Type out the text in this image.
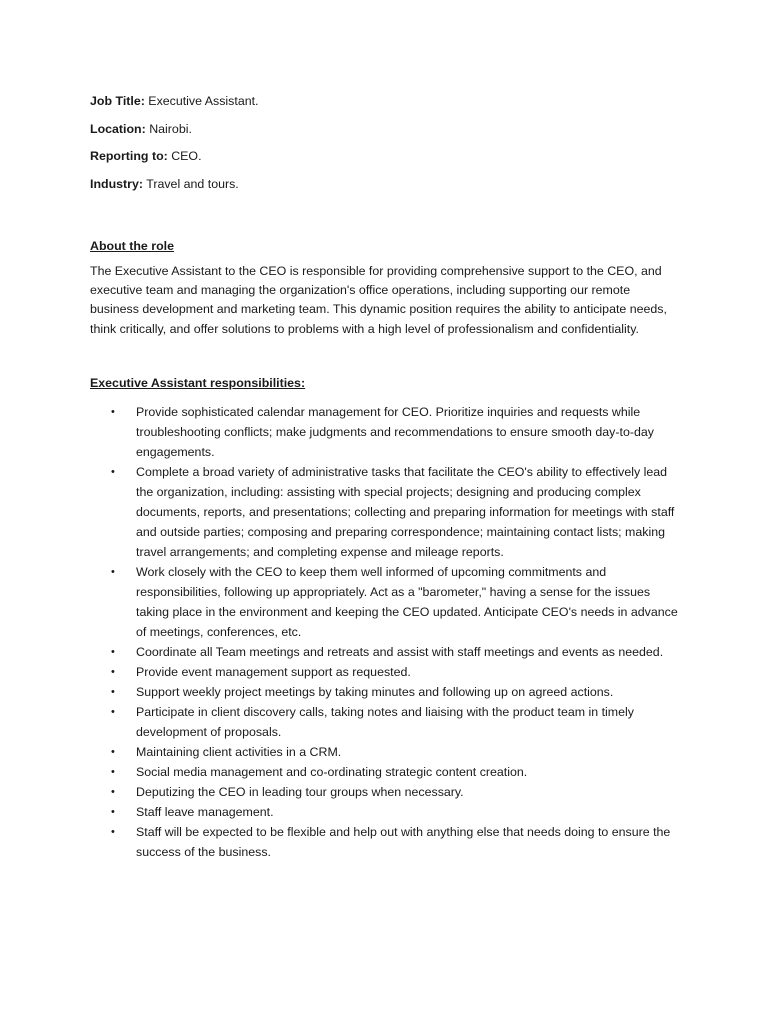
Job Title: Executive Assistant.

Location: Nairobi.

Reporting to: CEO.

Industry: Travel and tours.

About the role

The Executive Assistant to the CEO is responsible for providing comprehensive support to the CEO, and executive team and managing the organization's office operations, including supporting our remote business development and marketing team. This dynamic position requires the ability to anticipate needs, think critically, and offer solutions to problems with a high level of professionalism and confidentiality.

Executive Assistant responsibilities:

• Provide sophisticated calendar management for CEO. Prioritize inquiries and requests while troubleshooting conflicts; make judgments and recommendations to ensure smooth day-to-day engagements.
• Complete a broad variety of administrative tasks that facilitate the CEO's ability to effectively lead the organization, including: assisting with special projects; designing and producing complex documents, reports, and presentations; collecting and preparing information for meetings with staff and outside parties; composing and preparing correspondence; maintaining contact lists; making travel arrangements; and completing expense and mileage reports.
• Work closely with the CEO to keep them well informed of upcoming commitments and responsibilities, following up appropriately. Act as a "barometer," having a sense for the issues taking place in the environment and keeping the CEO updated. Anticipate CEO's needs in advance of meetings, conferences, etc.
• Coordinate all Team meetings and retreats and assist with staff meetings and events as needed.
• Provide event management support as requested.
• Support weekly project meetings by taking minutes and following up on agreed actions.
• Participate in client discovery calls, taking notes and liaising with the product team in timely development of proposals.
• Maintaining client activities in a CRM.
• Social media management and co-ordinating strategic content creation.
• Deputizing the CEO in leading tour groups when necessary.
• Staff leave management.
• Staff will be expected to be flexible and help out with anything else that needs doing to ensure the success of the business.
